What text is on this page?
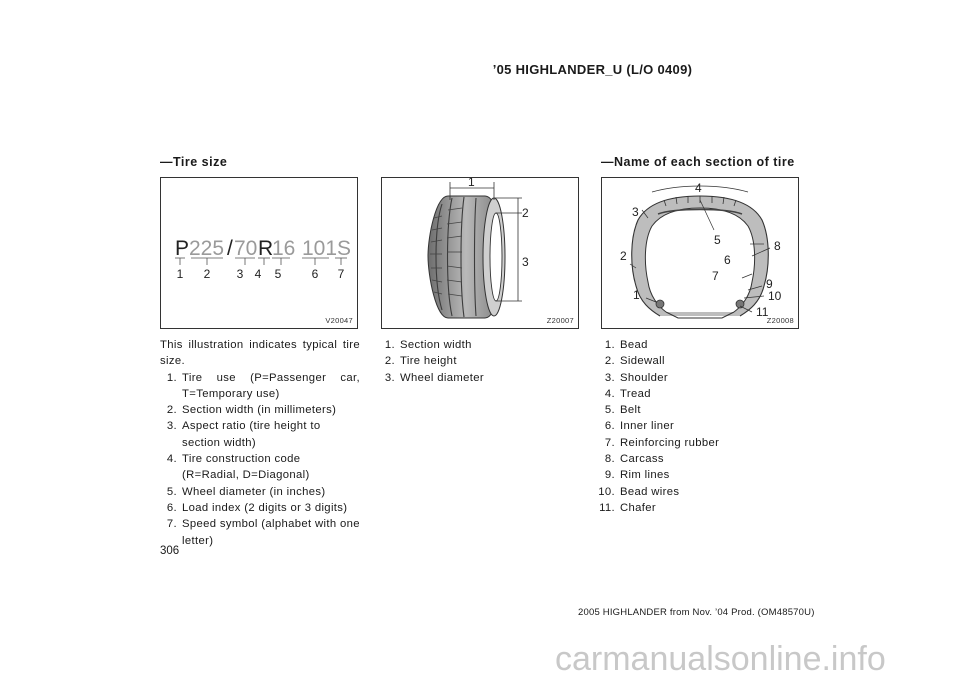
’05 HIGHLANDER_U (L/O 0409)
—Tire size	—Name of each section of tire
P 225 / 70 R
16 101S
1 2 3 4 5	6 7
V20047
1
2
3
Z20007
1
2
3
4
5
6
7
8
9
10
11
Z20008

This illustration indicates typical tire size.

1. Tire use (P=Passenger car, T=Temporary use)
2. Section width (in millimeters)
3. Aspect ratio (tire height to section width)
4. Tire construction code (R=Radial, D=Diagonal)
5. Wheel diameter (in inches)
6. Load index (2 digits or 3 digits)
7. Speed symbol (alphabet with one letter)
1. Section width
2. Tire height
3. Wheel diameter
1. Bead
2. Sidewall
3. Shoulder
4. Tread
5. Belt
6. Inner liner
7. Reinforcing rubber
8. Carcass
9. Rim lines
10. Bead wires
11. Chafer
306
2005 HIGHLANDER from Nov. ’04 Prod. (OM48570U)
carmanualsonline.info
